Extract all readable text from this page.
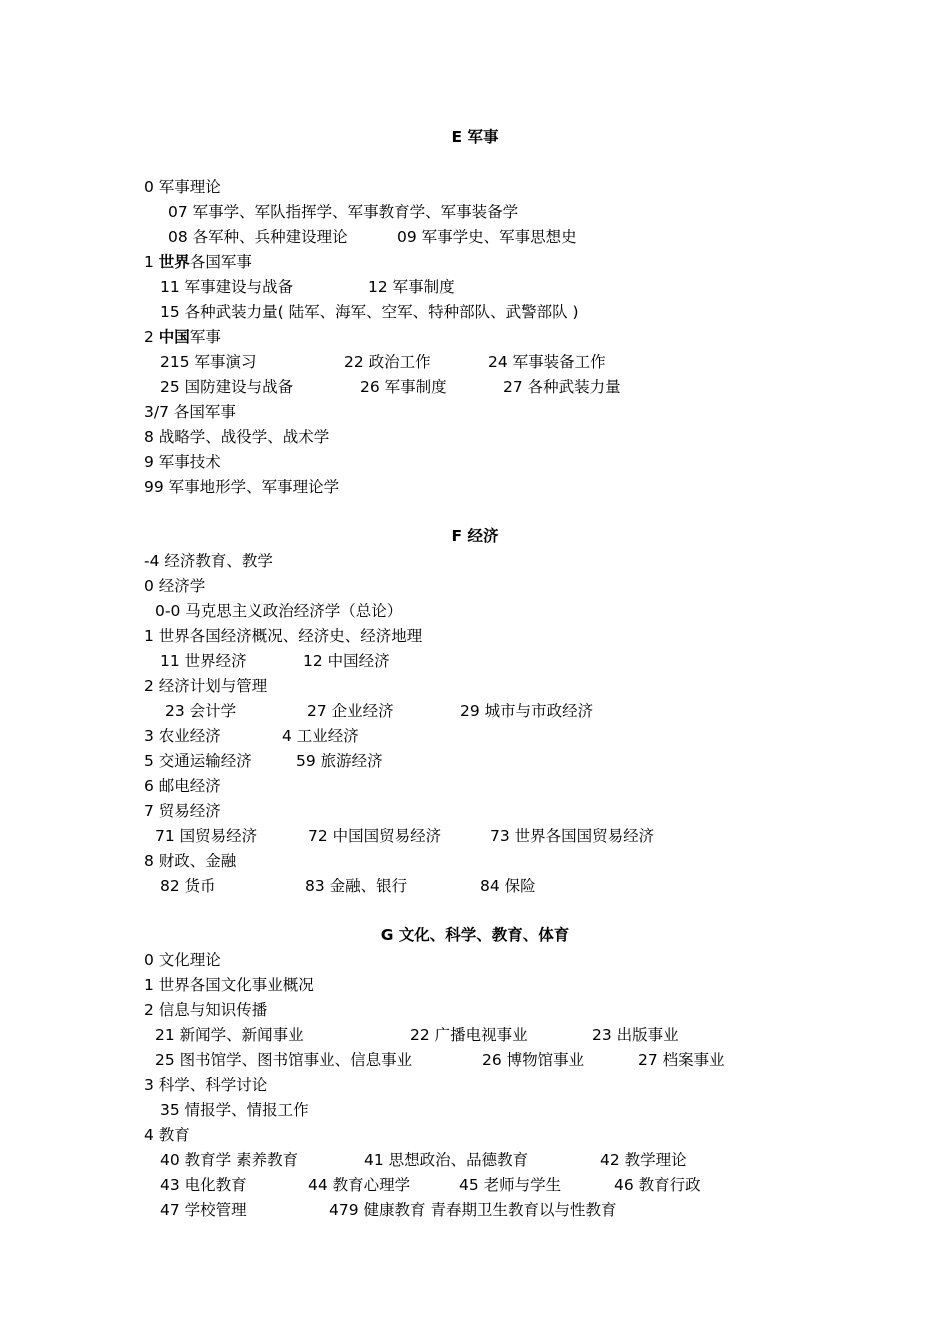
E 军事
0 军事理论
07 军事学、军队指挥学、军事教育学、军事装备学
08 各军种、兵种建设理论	09 军事学史、军事思想史
1 世界各国军事
11 军事建设与战备	12 军事制度
15 各种武装力量( 陆军、海军、空军、特种部队、武警部队 )
2 中国军事
215 军事演习	22 政治工作	24 军事装备工作
25 国防建设与战备	26 军事制度	27 各种武装力量
3/7 各国军事
8 战略学、战役学、战术学
9 军事技术
99 军事地形学、军事理论学
F 经济
-4 经济教育、教学
0 经济学
0-0 马克思主义政治经济学（总论）
1 世界各国经济概况、经济史、经济地理
11 世界经济	12 中国经济
2 经济计划与管理
23 会计学	27 企业经济	29 城市与市政经济
3 农业经济	4 工业经济
5 交通运输经济	59 旅游经济
6 邮电经济
7 贸易经济
71 国贸易经济	72 中国国贸易经济	73 世界各国国贸易经济
8 财政、金融
82 货币	83 金融、银行	84 保险
G 文化、科学、教育、体育
0 文化理论
1 世界各国文化事业概况
2 信息与知识传播
21 新闻学、新闻事业	22 广播电视事业	23 出版事业
25 图书馆学、图书馆事业、信息事业	26 博物馆事业	27 档案事业
3 科学、科学讨论
35 情报学、情报工作
4 教育
40 教育学 素养教育	41 思想政治、品德教育	42 教学理论
43 电化教育	44 教育心理学	45 老师与学生	46 教育行政
47 学校管理	479 健康教育 青春期卫生教育以与性教育
